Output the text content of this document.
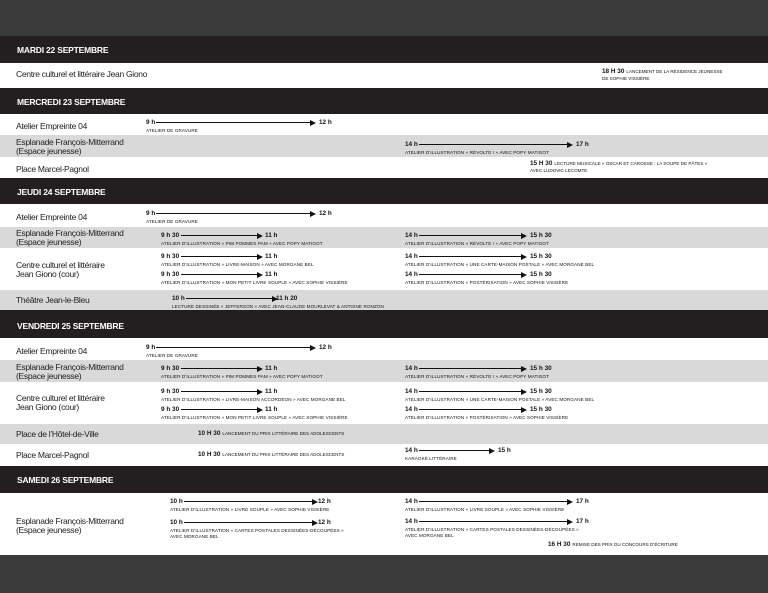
MARDI 22 SEPTEMBRE
Centre culturel et littéraire Jean Giono	18 H 30 LANCEMENT DE LA RÉSIDENCE JEUNESSE
DE SOPHIE VISSIÈRE
MERCREDI 23 SEPTEMBRE
Atelier Empreinte 04	9 h	12 h
ATELIER DE GRAVURE
Esplanade François-Mitterrand
(Espace jeunesse)
14 h	17 h
ATELIER D’ILLUSTRATION « RÉVOLTE ! » AVEC POPY MATIGOT
Place Marcel-Pagnol
15 H 30 LECTURE MUSICALE « OSCAR ET CAROSSE : LA SOUPE DE PÂTES »
AVEC LUDOVIC LECOMTE
JEUDI 24 SEPTEMBRE
Atelier Empreinte 04	9 h	12 h
ATELIER DE GRAVURE
Esplanade François-Mitterrand
(Espace jeunesse)
9 h 30	11 h
ATELIER D’ILLUSTRATION « PIM POMMES PAM » AVEC POPY MATIGOT
14 h	15 h 30
ATELIER D’ILLUSTRATION « RÉVOLTE ! » AVEC POPY MATIGOT
Centre culturel et littéraire
Jean Giono (cour)
9 h 30	11 h
ATELIER D’ILLUSTRATION « LIVRE-MAISON » AVEC MORGANE BEL
14 h	15 h 30
ATELIER D’ILLUSTRATION « UNE CARTE-MAISON POSTALE » AVEC MORGANE BEL
9 h 30	11 h
ATELIER D’ILLUSTRATION « MON PETIT LIVRE SOUPLE » AVEC SOPHIE VISSIÈRE
14 h	15 h 30
ATELIER D’ILLUSTRATION « POSTÉRISATION » AVEC SOPHIE VISSIÈRE
Théâtre Jean-le-Bleu	10 h	11 h 20
LECTURE DESSINÉE « JEFFERSON » AVEC JEAN-CLAUDE MOURLEVAT & ANTOINE RONZON
VENDREDI 25 SEPTEMBRE
Atelier Empreinte 04	9 h	12 h
ATELIER DE GRAVURE
Esplanade François-Mitterrand
(Espace jeunesse)
9 h 30	11 h
ATELIER D’ILLUSTRATION « PIM POMMES PAM » AVEC POPY MATIGOT
14 h	15 h 30
ATELIER D’ILLUSTRATION « RÉVOLTE ! » AVEC POPY MATIGOT
Centre culturel et littéraire
Jean Giono (cour)
9 h 30	11 h
ATELIER D’ILLUSTRATION « LIVRE-MAISON ACCORDÉON » AVEC MORGANE BEL
14 h	15 h 30
ATELIER D’ILLUSTRATION « UNE CARTE-MAISON POSTALE » AVEC MORGANE BEL
9 h 30	11 h
ATELIER D’ILLUSTRATION « MON PETIT LIVRE SOUPLE » AVEC SOPHIE VISSIÈRE
14 h	15 h 30
ATELIER D’ILLUSTRATION « POSTÉRISATION » AVEC SOPHIE VISSIÈRE
Place de l’Hôtel-de-Ville	10 H 30 LANCEMENT DU PRIX LITTÉRAIRE DES ADOLESCENTS
Place Marcel-Pagnol	10 H 30 LANCEMENT DU PRIX LITTÉRAIRE DES ADOLESCENTS
14 h	15 h
KARAOKÉ LITTÉRAIRE
SAMEDI 26 SEPTEMBRE
Esplanade François-Mitterrand
(Espace jeunesse)
10 h	12 h
ATELIER D’ILLUSTRATION « LIVRE SOUPLE » AVEC SOPHIE VISSIÈRE
14 h	17 h
ATELIER D’ILLUSTRATION « LIVRE SOUPLE » AVEC SOPHIE VISSIÈRE
10 h	12 h
ATELIER D’ILLUSTRATION « CARTES POSTALES DESSINÉES-DÉCOUPÉES »
AVEC MORGANE BEL
14 h	17 h
ATELIER D’ILLUSTRATION « CARTES POSTALES DESSINÉES-DÉCOUPÉES »
AVEC MORGANE BEL
16 H 30 REMISE DES PRIX DU CONCOURS D’ÉCRITURE
